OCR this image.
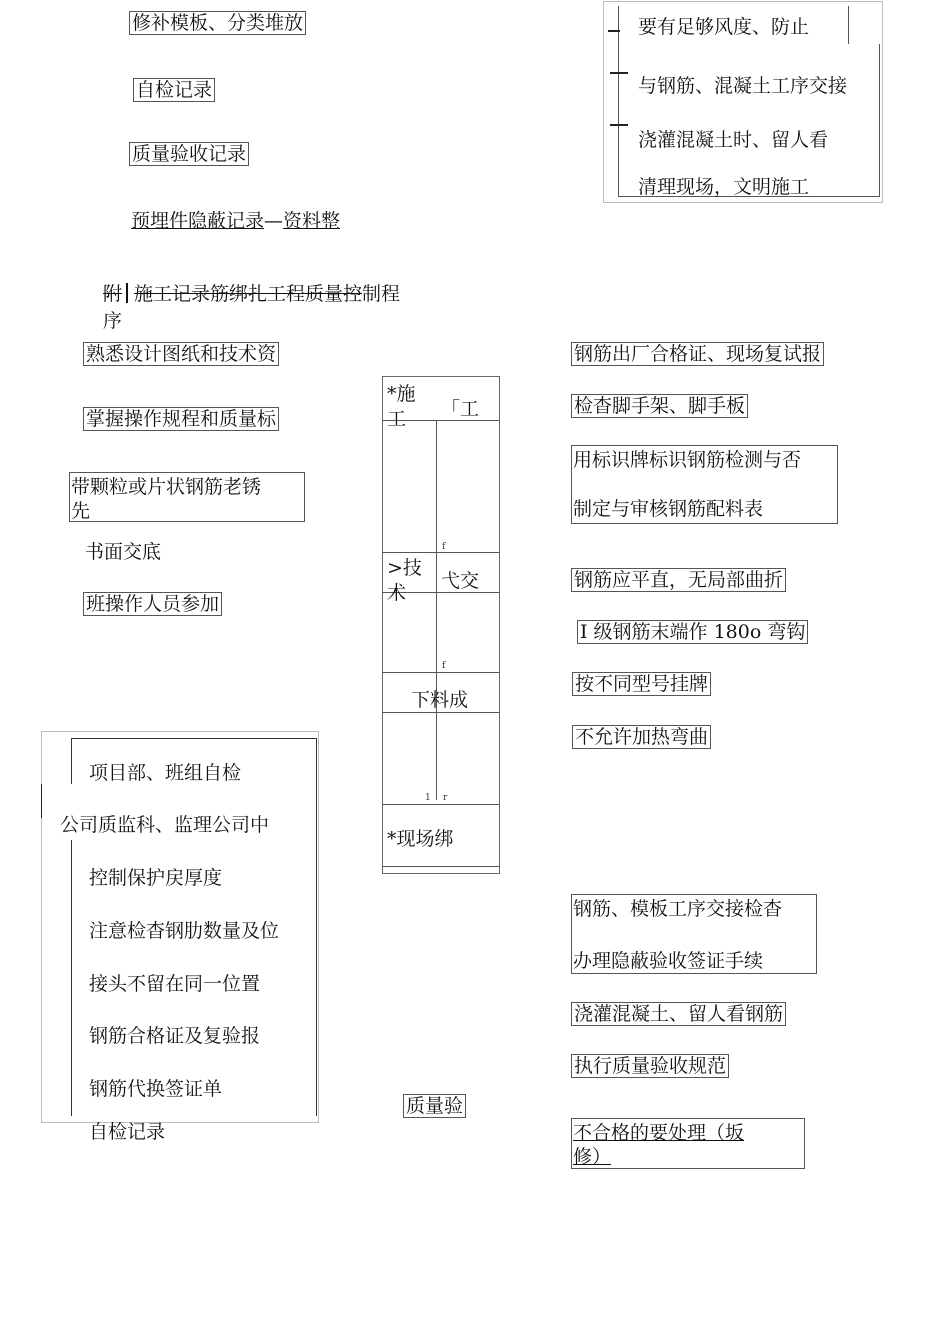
修补模板、分类堆放
自检记录
质量验收记录
预埋件隐蔽记录—资料整
要有足够风度、防止
与钢筋、混凝土工序交接
浇灌混凝土时、留人看
清理现场，文明施工
附 施工记录筋绑扎工程质量控制程
序
熟悉设计图纸和技术资
掌握操作规程和质量标
带颗粒或片状钢筋老锈
先
书面交底
班操作人员参加
*施
工 「工
f
>技
术
弋交
f
下料成
1 r
*现场绑
项目部、班组自检
公司质监科、监理公司中
控制保护戻厚度
注意检杳钢肋数量及位
接头不留在同一位置
钢筋合格证及复验报
钢筋代换签证单
自检记录
质量验
钢筋出厂合格证、现场复试报
检杳脚手架、脚手板
用标识牌标识钢筋检测与否
制定与审核钢筋配料表
钢筋应平直，无局部曲折
I 级钢筋末端作 180o 弯钩
按不同型号挂牌
不允许加热弯曲
钢筋、模板工序交接检杳
办理隐蔽验收签证手续
浇灌混凝土、留人看钢筋
执行质量验收规范
不合格的要处理（坂
修）
